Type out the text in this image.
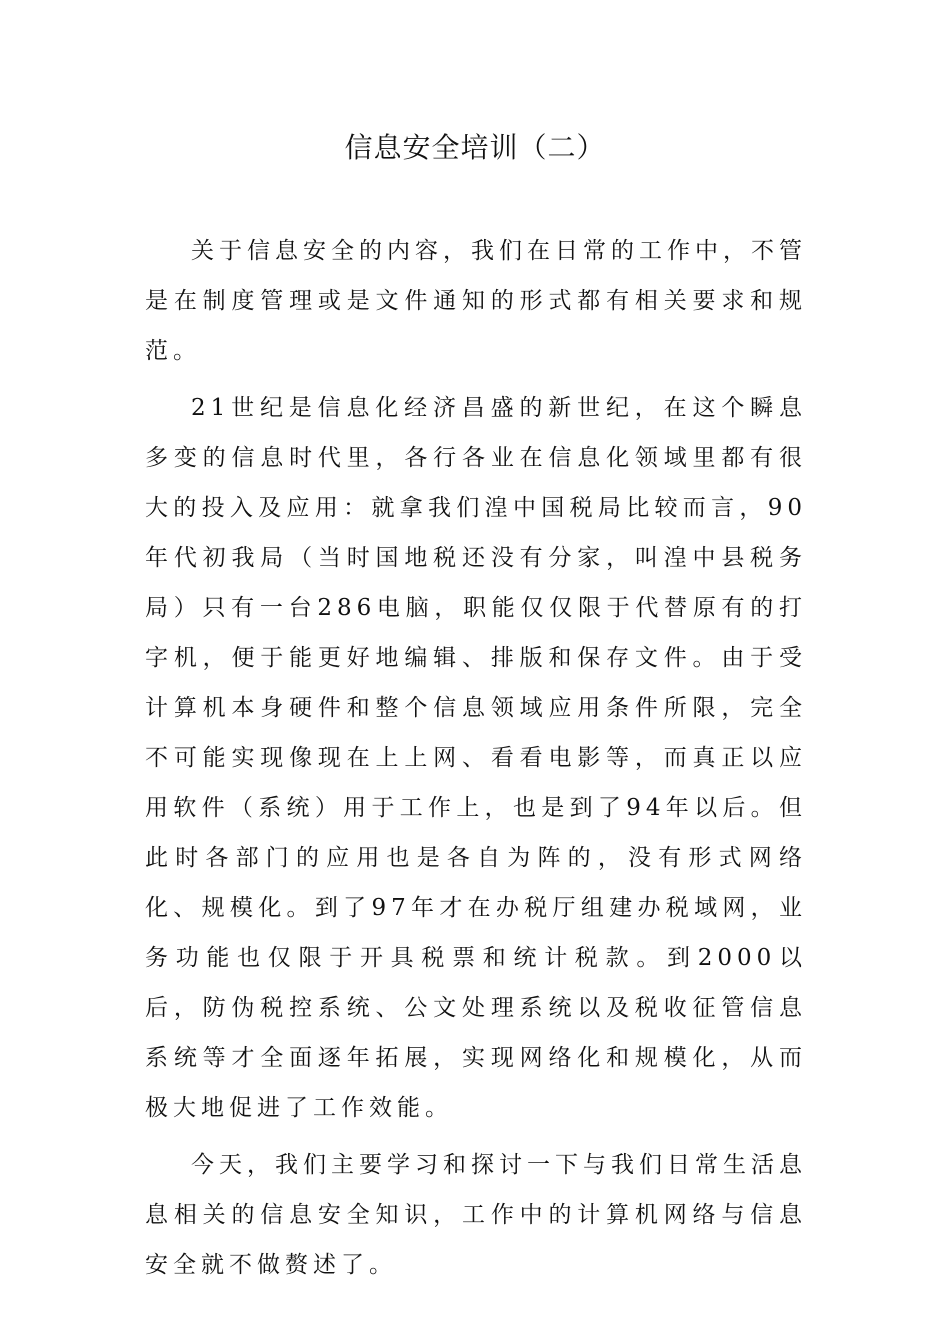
信息安全培训（二）

关于信息安全的内容，我们在日常的工作中，不管是在制度管理或是文件通知的形式都有相关要求和规范。

21世纪是信息化经济昌盛的新世纪，在这个瞬息多变的信息时代里，各行各业在信息化领域里都有很大的投入及应用：就拿我们湟中国税局比较而言，90年代初我局（当时国地税还没有分家，叫湟中县税务局）只有一台286电脑，职能仅仅限于代替原有的打字机，便于能更好地编辑、排版和保存文件。由于受计算机本身硬件和整个信息领域应用条件所限，完全不可能实现像现在上上网、看看电影等，而真正以应用软件（系统）用于工作上，也是到了94年以后。但此时各部门的应用也是各自为阵的，没有形式网络化、规模化。到了97年才在办税厅组建办税域网，业务功能也仅限于开具税票和统计税款。到2000以后，防伪税控系统、公文处理系统以及税收征管信息系统等才全面逐年拓展，实现网络化和规模化，从而极大地促进了工作效能。

今天，我们主要学习和探讨一下与我们日常生活息息相关的信息安全知识，工作中的计算机网络与信息安全就不做赘述了。
